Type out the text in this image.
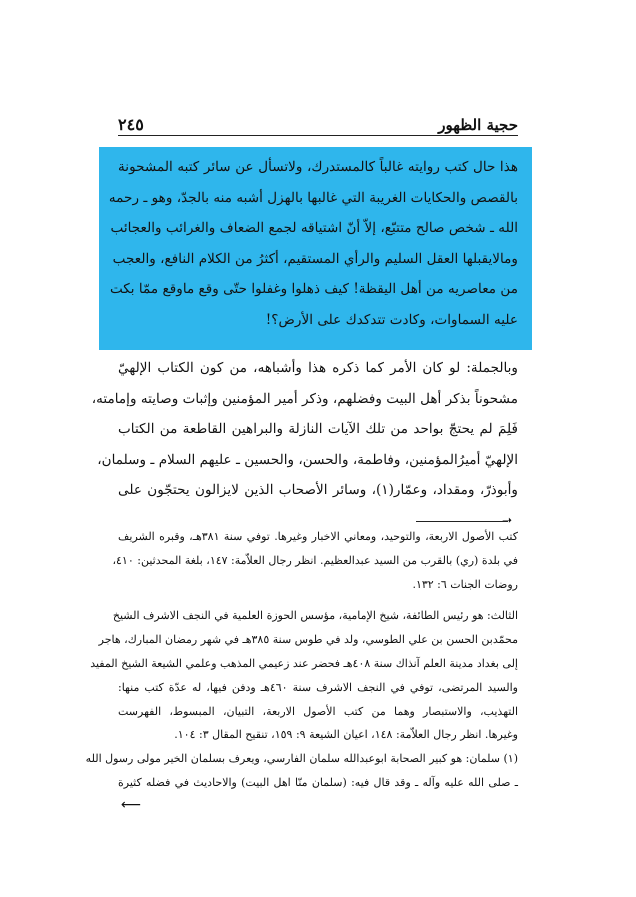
حجية الظهور
٢٤٥
هذا حال كتب روايته غالباً كالمستدرك، ولاتسأل عن سائر كتبه المشحونة
بالقصص والحكايات الغريبة التي غالبها بالهزل أشبه منه بالجدّ، وهو ـ رحمه
الله ـ شخص صالح متتبّع، إلاّ أنّ اشتياقه لجمع الضعاف والغرائب والعجائب
ومالايقبلها العقل السليم والرأي المستقيم، أكثرُ من الكلام النافع، والعجب
من معاصريه من أهل اليقظة! كيف ذهلوا وغفلوا حتّى وقع ماوقع ممّا بكت
عليه السماوات، وكادت تتدكدك على الأرض؟!
وبالجملة: لو كان الأمر كما ذكره هذا وأشباهه، من كون الكتاب الإلهيّ
مشحوناً بذكر أهل البيت وفضلهم، وذكر أمير المؤمنين وإثبات وصايته وإمامته،
فَلِمَ لم يحتجّ بواحد من تلك الآيات النازلة والبراهين القاطعة من الكتاب
الإلهيّ أميرُالمؤمنين، وفاطمة، والحسن، والحسين ـ عليهم السلام ـ وسلمان،
وأبوذرّ، ومقداد، وعمّار(١)، وسائر الأصحاب الذين لايزالون يحتجّون على
➝
كتب الأصول الاربعة، والتوحيد، ومعاني الاخبار وغيرها. توفي سنة ٣٨١هـ، وقبره الشريف
في بلدة (ري) بالقرب من السيد عبدالعظيم. انظر رجال العلاّمة: ١٤٧، بلغة المحدثين: ٤١٠،
روضات الجنات ٦: ١٣٢.
الثالث: هو رئيس الطائفة، شيخ الإمامية، مؤسس الحوزة العلمية في النجف الاشرف الشيخ
محمّدبن الحسن بن علي الطوسي، ولد في طوس سنة ٣٨٥هـ في شهر رمضان المبارك، هاجر
إلى بغداد مدينة العلم آنذاك سنة ٤٠٨هـ فحضر عند زعيمي المذهب وعلمي الشيعة الشيخ المفيد
والسيد المرتضى، توفي في النجف الاشرف سنة ٤٦٠هـ ودفن فيها، له عدّة كتب منها:
التهذيب، والاستبصار وهما من كتب الأصول الاربعة، التبيان، المبسوط، الفهرست
وغيرها. انظر رجال العلاّمة: ١٤٨، اعيان الشيعة ٩: ١٥٩، تنقيح المقال ٣: ١٠٤.
(١) سلمان: هو كبير الصحابة ابوعبدالله سلمان الفارسي، ويعرف بسلمان الخير مولى رسول الله
ـ صلى الله عليه وآله ـ وقد قال فيه: (سلمان منّا اهل البيت) والاحاديث في فضله كثيرة
⟵
